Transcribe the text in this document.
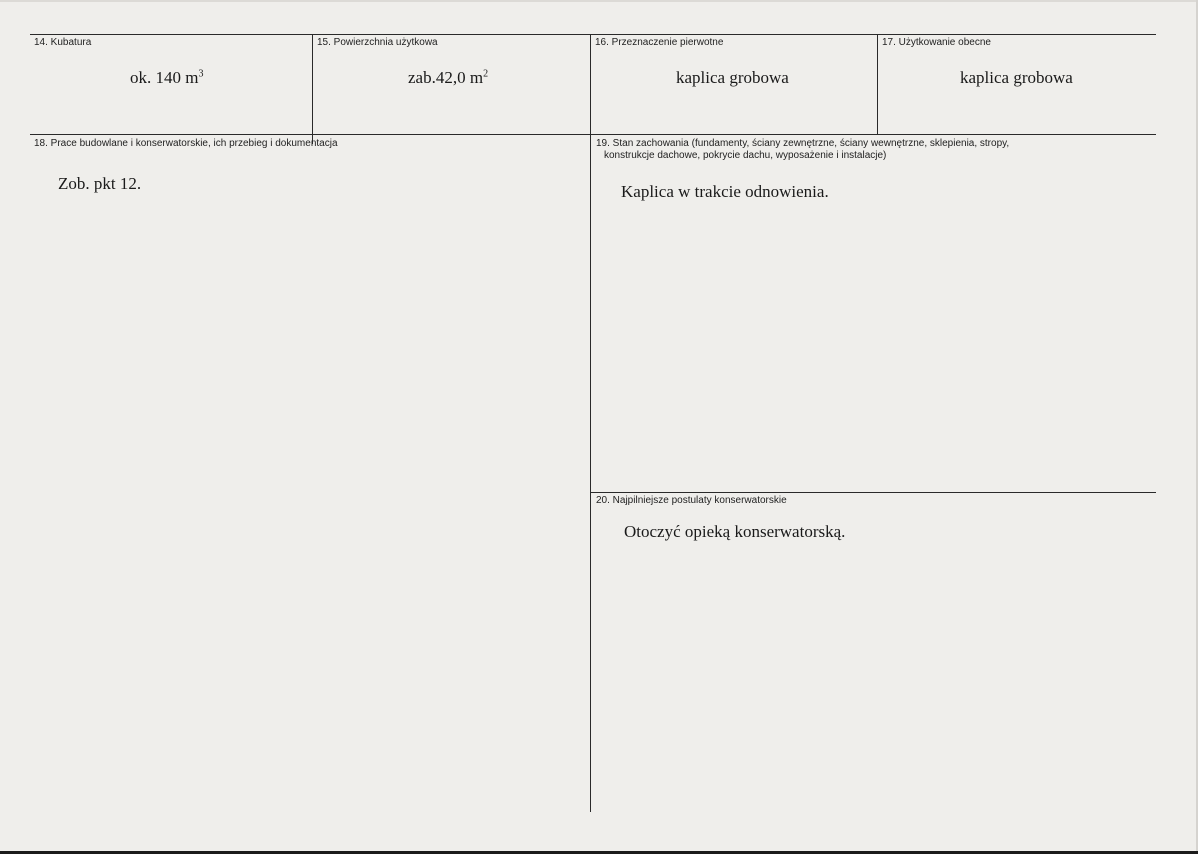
14. Kubatura
ok. 140 $m^3$
15. Powierzchnia użytkowa
zab.42,0 $m^2$
16. Przeznaczenie pierwotne
kaplica grobowa
17. Użytkowanie obecne
kaplica grobowa
18. Prace budowlane i konserwatorskie, ich przebieg i dokumentacja
Zob. pkt 12.
19. Stan zachowania (fundamenty, ściany zewnętrzne, ściany wewnętrzne, sklepienia, stropy,
konstrukcje dachowe, pokrycie dachu, wyposażenie i instalacje)
Kaplica w trakcie odnowienia.
20. Najpilniejsze postulaty konserwatorskie
Otoczyć opieką konserwatorską.
